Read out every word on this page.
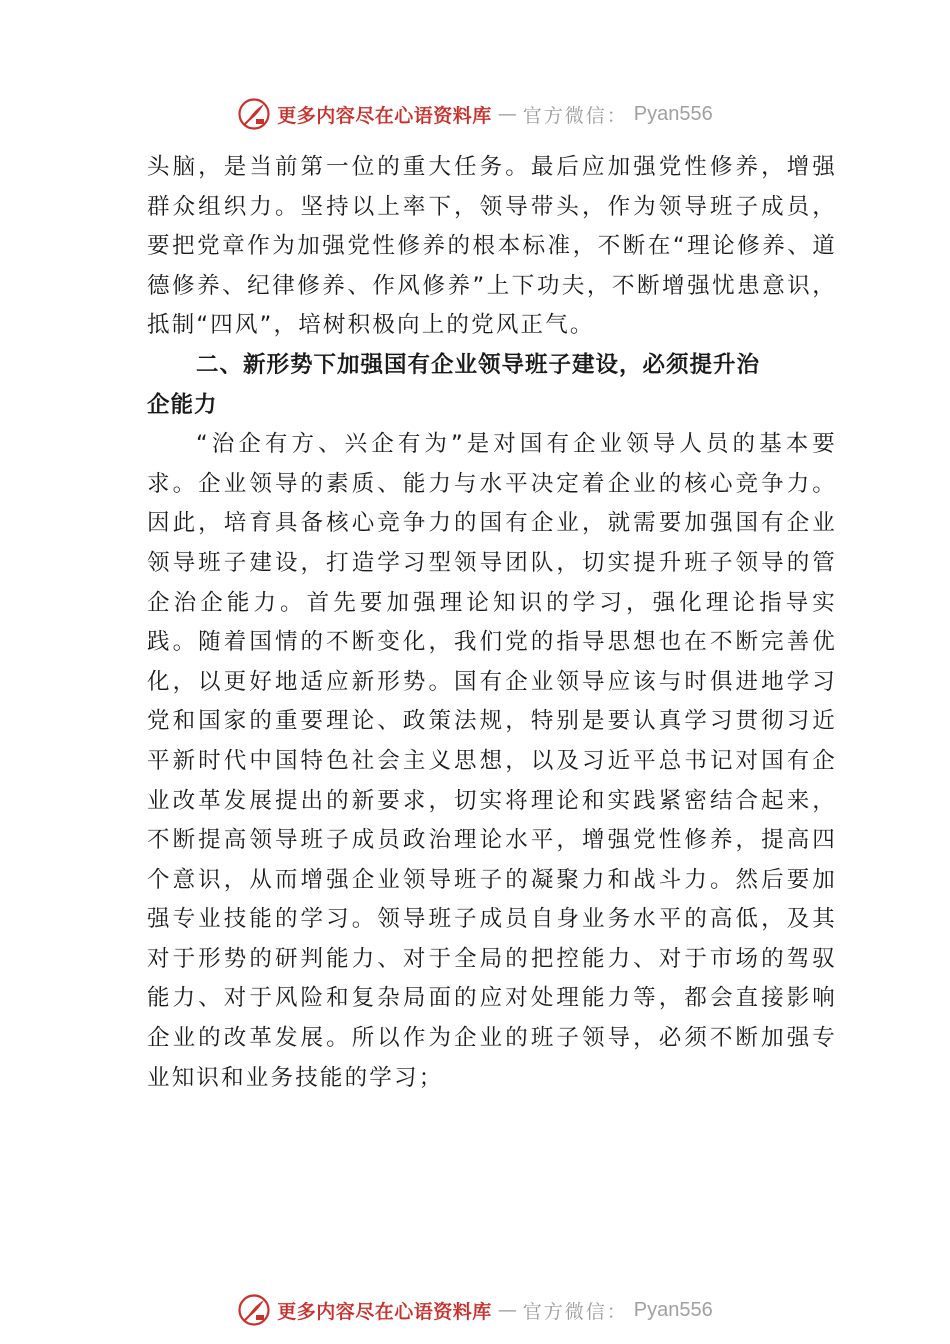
更多内容尽在心语资料库 — 官方微信： Pyan556

头脑，是当前第一位的重大任务。最后应加强党性修养，增强群众组织力。坚持以上率下，领导带头，作为领导班子成员，要把党章作为加强党性修养的根本标准，不断在“理论修养、道德修养、纪律修养、作风修养”上下功夫，不断增强忧患意识，抵制“四风”，培树积极向上的党风正气。

二、新形势下加强国有企业领导班子建设，必须提升治企能力

“治企有方、兴企有为”是对国有企业领导人员的基本要求。企业领导的素质、能力与水平决定着企业的核心竞争力。因此，培育具备核心竞争力的国有企业，就需要加强国有企业领导班子建设，打造学习型领导团队，切实提升班子领导的管企治企能力。首先要加强理论知识的学习，强化理论指导实践。随着国情的不断变化，我们党的指导思想也在不断完善优化，以更好地适应新形势。国有企业领导应该与时俱进地学习党和国家的重要理论、政策法规，特别是要认真学习贯彻习近平新时代中国特色社会主义思想，以及习近平总书记对国有企业改革发展提出的新要求，切实将理论和实践紧密结合起来，不断提高领导班子成员政治理论水平，增强党性修养，提高四个意识，从而增强企业领导班子的凝聚力和战斗力。然后要加强专业技能的学习。领导班子成员自身业务水平的高低，及其对于形势的研判能力、对于全局的把控能力、对于市场的驾驭能力、对于风险和复杂局面的应对处理能力等，都会直接影响企业的改革发展。所以作为企业的班子领导，必须不断加强专业知识和业务技能的学习；

更多内容尽在心语资料库 — 官方微信： Pyan556
